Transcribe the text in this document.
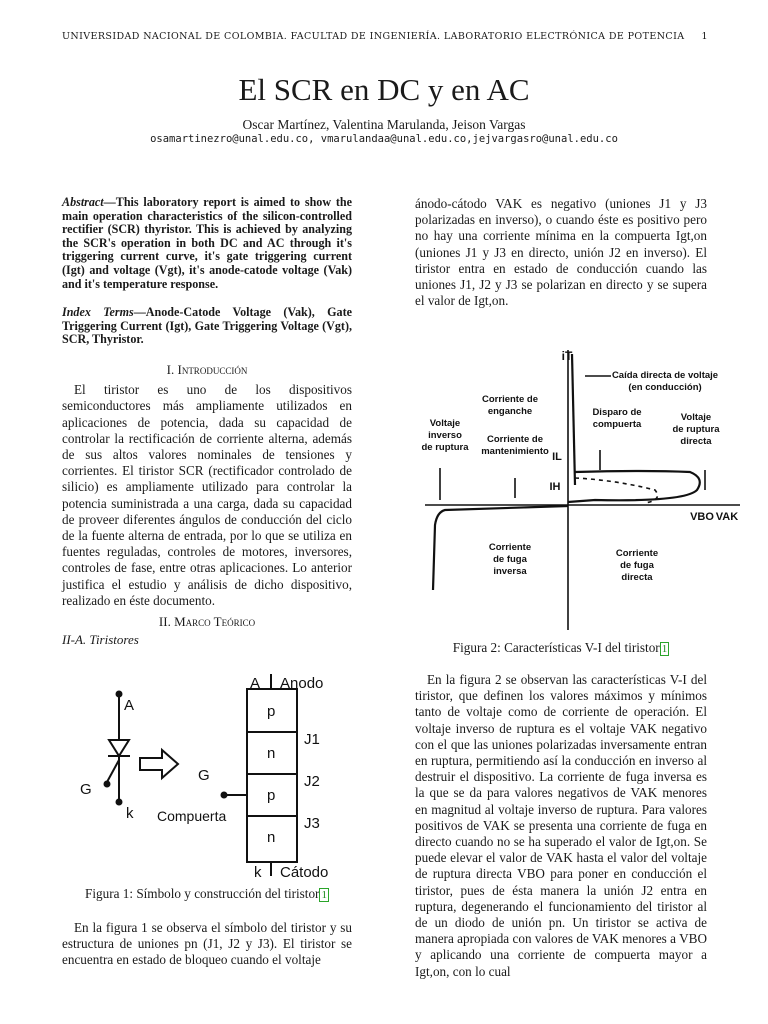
UNIVERSIDAD NACIONAL DE COLOMBIA. FACULTAD DE INGENIERÍA. LABORATORIO ELECTRÓNICA DE POTENCIA 1
El SCR en DC y en AC
Oscar Martínez, Valentina Marulanda, Jeison Vargas
osamartinezro@unal.edu.co, vmarulandaa@unal.edu.co,jejvargasro@unal.edu.co
Abstract—This laboratory report is aimed to show the main operation characteristics of the silicon-controlled rectifier (SCR) thyristor. This is achieved by analyzing the SCR's operation in both DC and AC through it's triggering current curve, it's gate triggering current (Igt) and voltage (Vgt), it's anode-catode voltage (Vak) and it's temperature response.
Index Terms—Anode-Catode Voltage (Vak), Gate Triggering Current (Igt), Gate Triggering Voltage (Vgt), SCR, Thyristor.

I. Introducción

El tiristor es uno de los dispositivos semiconductores más ampliamente utilizados en aplicaciones de potencia, dada su capacidad de controlar la rectificación de corriente alterna, además de sus altos valores nominales de tensiones y corrientes. El tiristor SCR (rectificador controlado de silicio) es ampliamente utilizado para controlar la potencia suministrada a una carga, dada su capacidad de proveer diferentes ángulos de conducción del ciclo de la fuente alterna de entrada, por lo que se utiliza en fuentes reguladas, controles de motores, inversores, controles de fase, entre otras aplicaciones. Lo anterior justifica el estudio y análisis de dicho dispositivo, realizado en éste documento.

II. Marco Teórico

II-A. Tiristores

A
G
k
A Anodo
G
Compuerta
k Cátodo
p
n
p
n
J1
J2
J3
Figura 1: Símbolo y construcción del tiristor 1

En la figura 1 se observa el símbolo del tiristor y su estructura de uniones pn (J1, J2 y J3). El tiristor se encuentra en estado de bloqueo cuando el voltaje

ánodo-cátodo VAK es negativo (uniones J1 y J3 polarizadas en inverso), o cuando éste es positivo pero no hay una corriente mínima en la compuerta Igt,on (uniones J1 y J3 en directo, unión J2 en inverso). El tiristor entra en estado de conducción cuando las uniones J1, J2 y J3 se polarizan en directo y se supera el valor de Igt,on.

iT
Caída directa de voltaje
(en conducción)
Corriente de
enganche	Disparo de
compuerta
Voltaje
de ruptura
directa
Voltaje
inverso
de ruptura
Corriente de
mantenimiento IL
IH
VBO VAK
Corriente
de fuga
inversa
Corriente
de fuga
directa
Figura 2: Características V-I del tiristor 1

En la figura 2 se observan las características V-I del tiristor, que definen los valores máximos y mínimos tanto de voltaje como de corriente de operación. El voltaje inverso de ruptura es el voltaje VAK negativo con el que las uniones polarizadas inversamente entran en ruptura, permitiendo así la conducción en inverso al destruir el dispositivo. La corriente de fuga inversa es la que se da para valores negativos de VAK menores en magnitud al voltaje inverso de ruptura. Para valores positivos de VAK se presenta una corriente de fuga en directo cuando no se ha superado el valor de Igt,on. Se puede elevar el valor de VAK hasta el valor del voltaje de ruptura directa VBO para poner en conducción el tiristor, pues de ésta manera la unión J2 entra en ruptura, degenerando el funcionamiento del tiristor al de un diodo de unión pn. Un tiristor se activa de manera apropiada con valores de VAK menores a VBO y aplicando una corriente de compuerta mayor a Igt,on, con lo cual
